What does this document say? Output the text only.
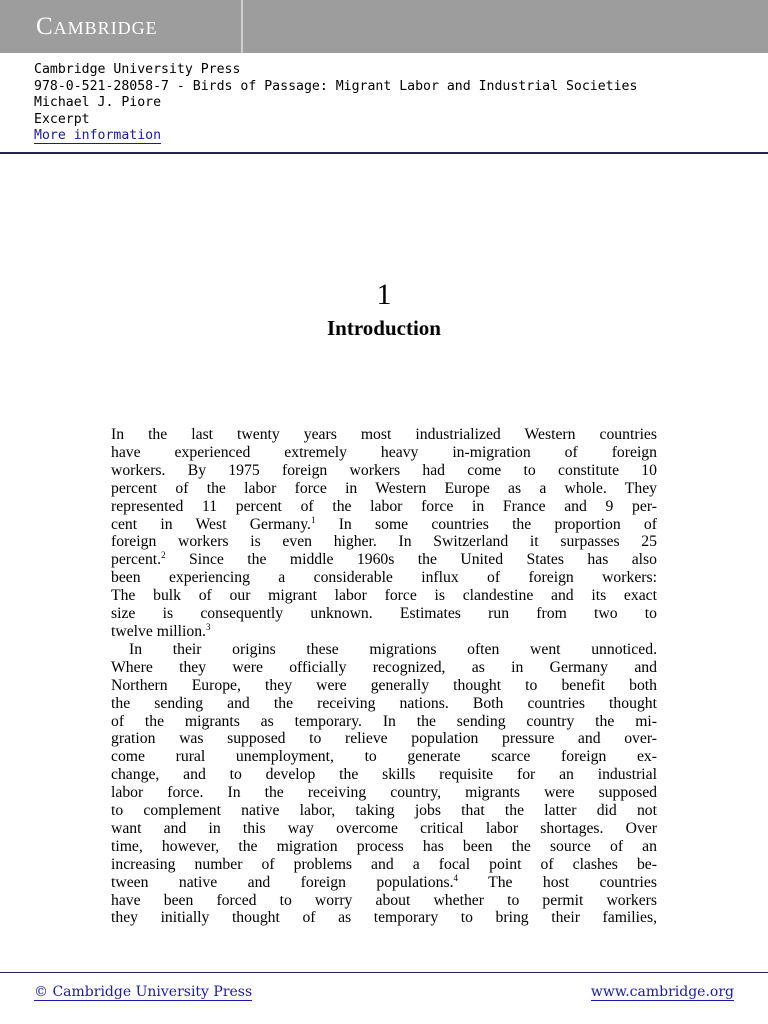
Cambridge
Cambridge University Press
978-0-521-28058-7 - Birds of Passage: Migrant Labor and Industrial Societies
Michael J. Piore
Excerpt
More information
1
Introduction

In the last twenty years most industrialized Western countries
have experienced extremely heavy in-migration of foreign
workers. By 1975 foreign workers had come to constitute 10
percent of the labor force in Western Europe as a whole. They
represented 11 percent of the labor force in France and 9 per-
cent in West Germany.$^1$ In some countries the proportion of
foreign workers is even higher. In Switzerland it surpasses 25
percent.$^2$ Since the middle 1960s the United States has also
been experiencing a considerable influx of foreign workers:
The bulk of our migrant labor force is clandestine and its exact
size is consequently unknown. Estimates run from two to
twelve million.$^3$

In their origins these migrations often went unnoticed.
Where they were officially recognized, as in Germany and
Northern Europe, they were generally thought to benefit both
the sending and the receiving nations. Both countries thought
of the migrants as temporary. In the sending country the mi-
gration was supposed to relieve population pressure and over-
come rural unemployment, to generate scarce foreign ex-
change, and to develop the skills requisite for an industrial
labor force. In the receiving country, migrants were supposed
to complement native labor, taking jobs that the latter did not
want and in this way overcome critical labor shortages. Over
time, however, the migration process has been the source of an
increasing number of problems and a focal point of clashes be-
tween native and foreign populations.$^4$ The host countries
have been forced to worry about whether to permit workers
they initially thought of as temporary to bring their families,

© Cambridge University Press	www.cambridge.org
